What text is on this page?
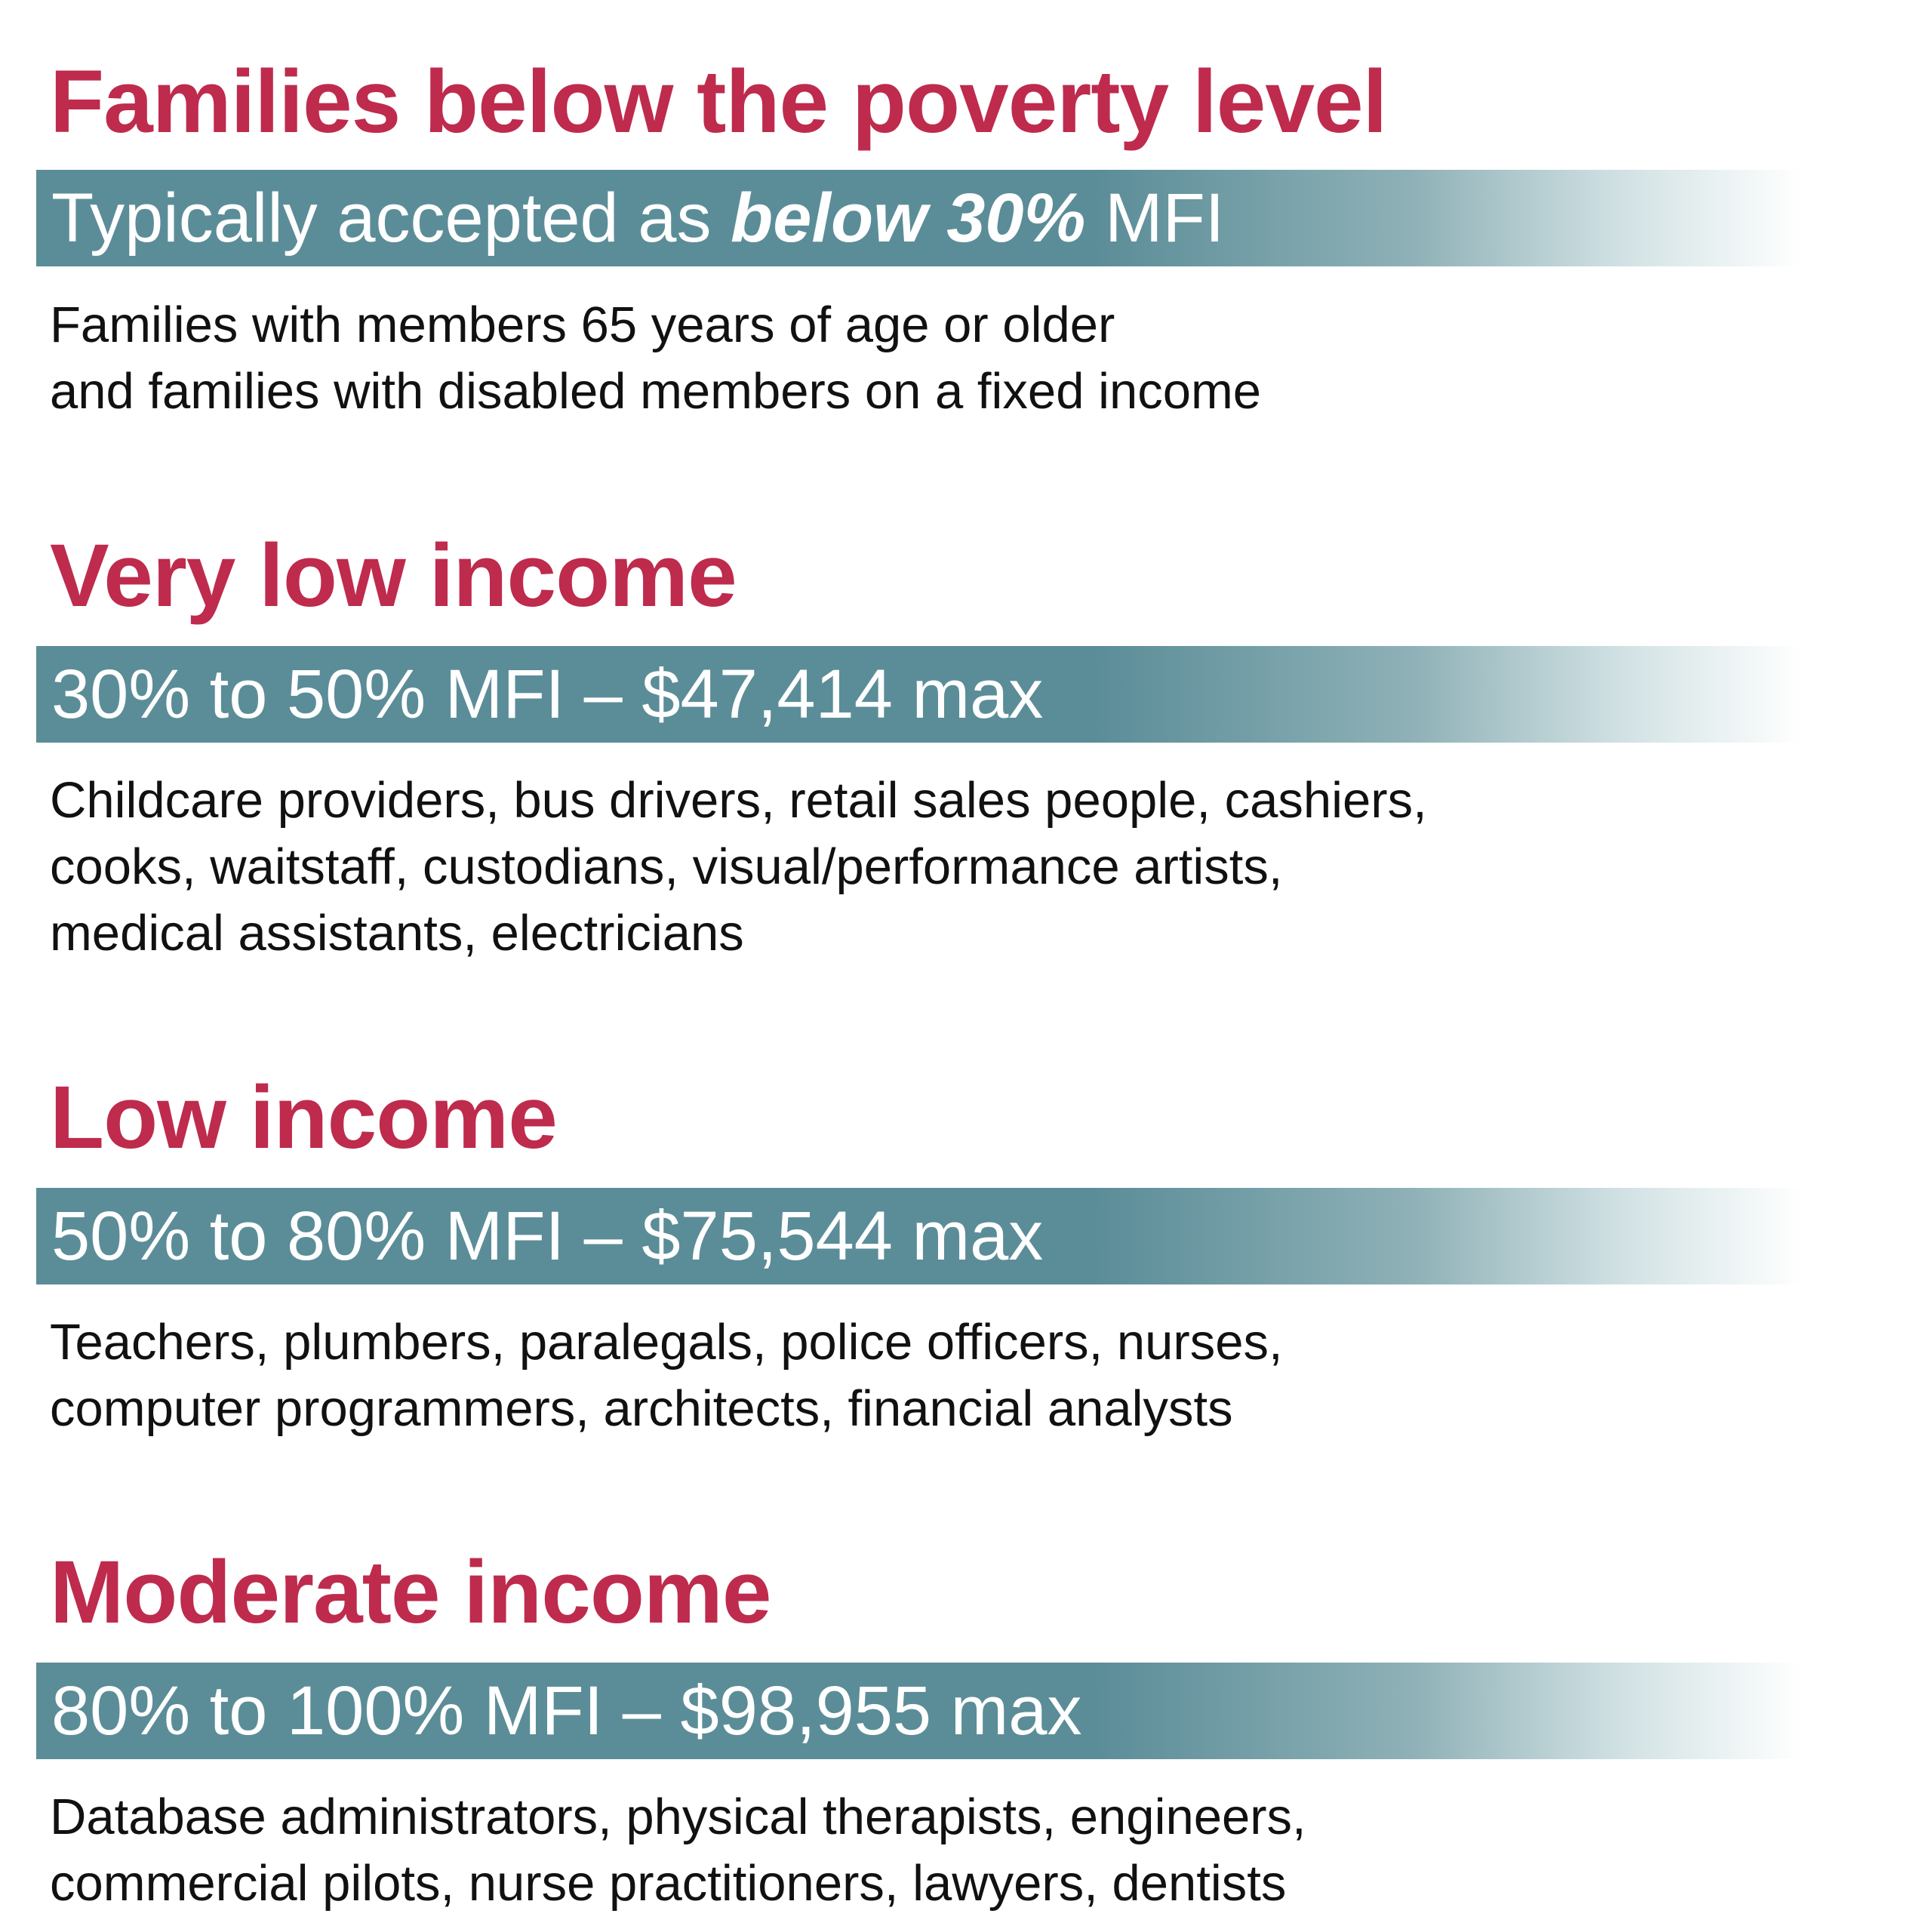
Families below the poverty level
Typically accepted as below 30% MFI

Families with members 65 years of age or older
and families with disabled members on a fixed income

Very low income
30% to 50% MFI – $47,414 max

Childcare providers, bus drivers, retail sales people, cashiers,
cooks, waitstaff, custodians, visual/performance artists,
medical assistants, electricians

Low income
50% to 80% MFI – $75,544 max

Teachers, plumbers, paralegals, police officers, nurses,
computer programmers, architects, financial analysts

Moderate income
80% to 100% MFI – $98,955 max

Database administrators, physical therapists, engineers,
commercial pilots, nurse practitioners, lawyers, dentists
